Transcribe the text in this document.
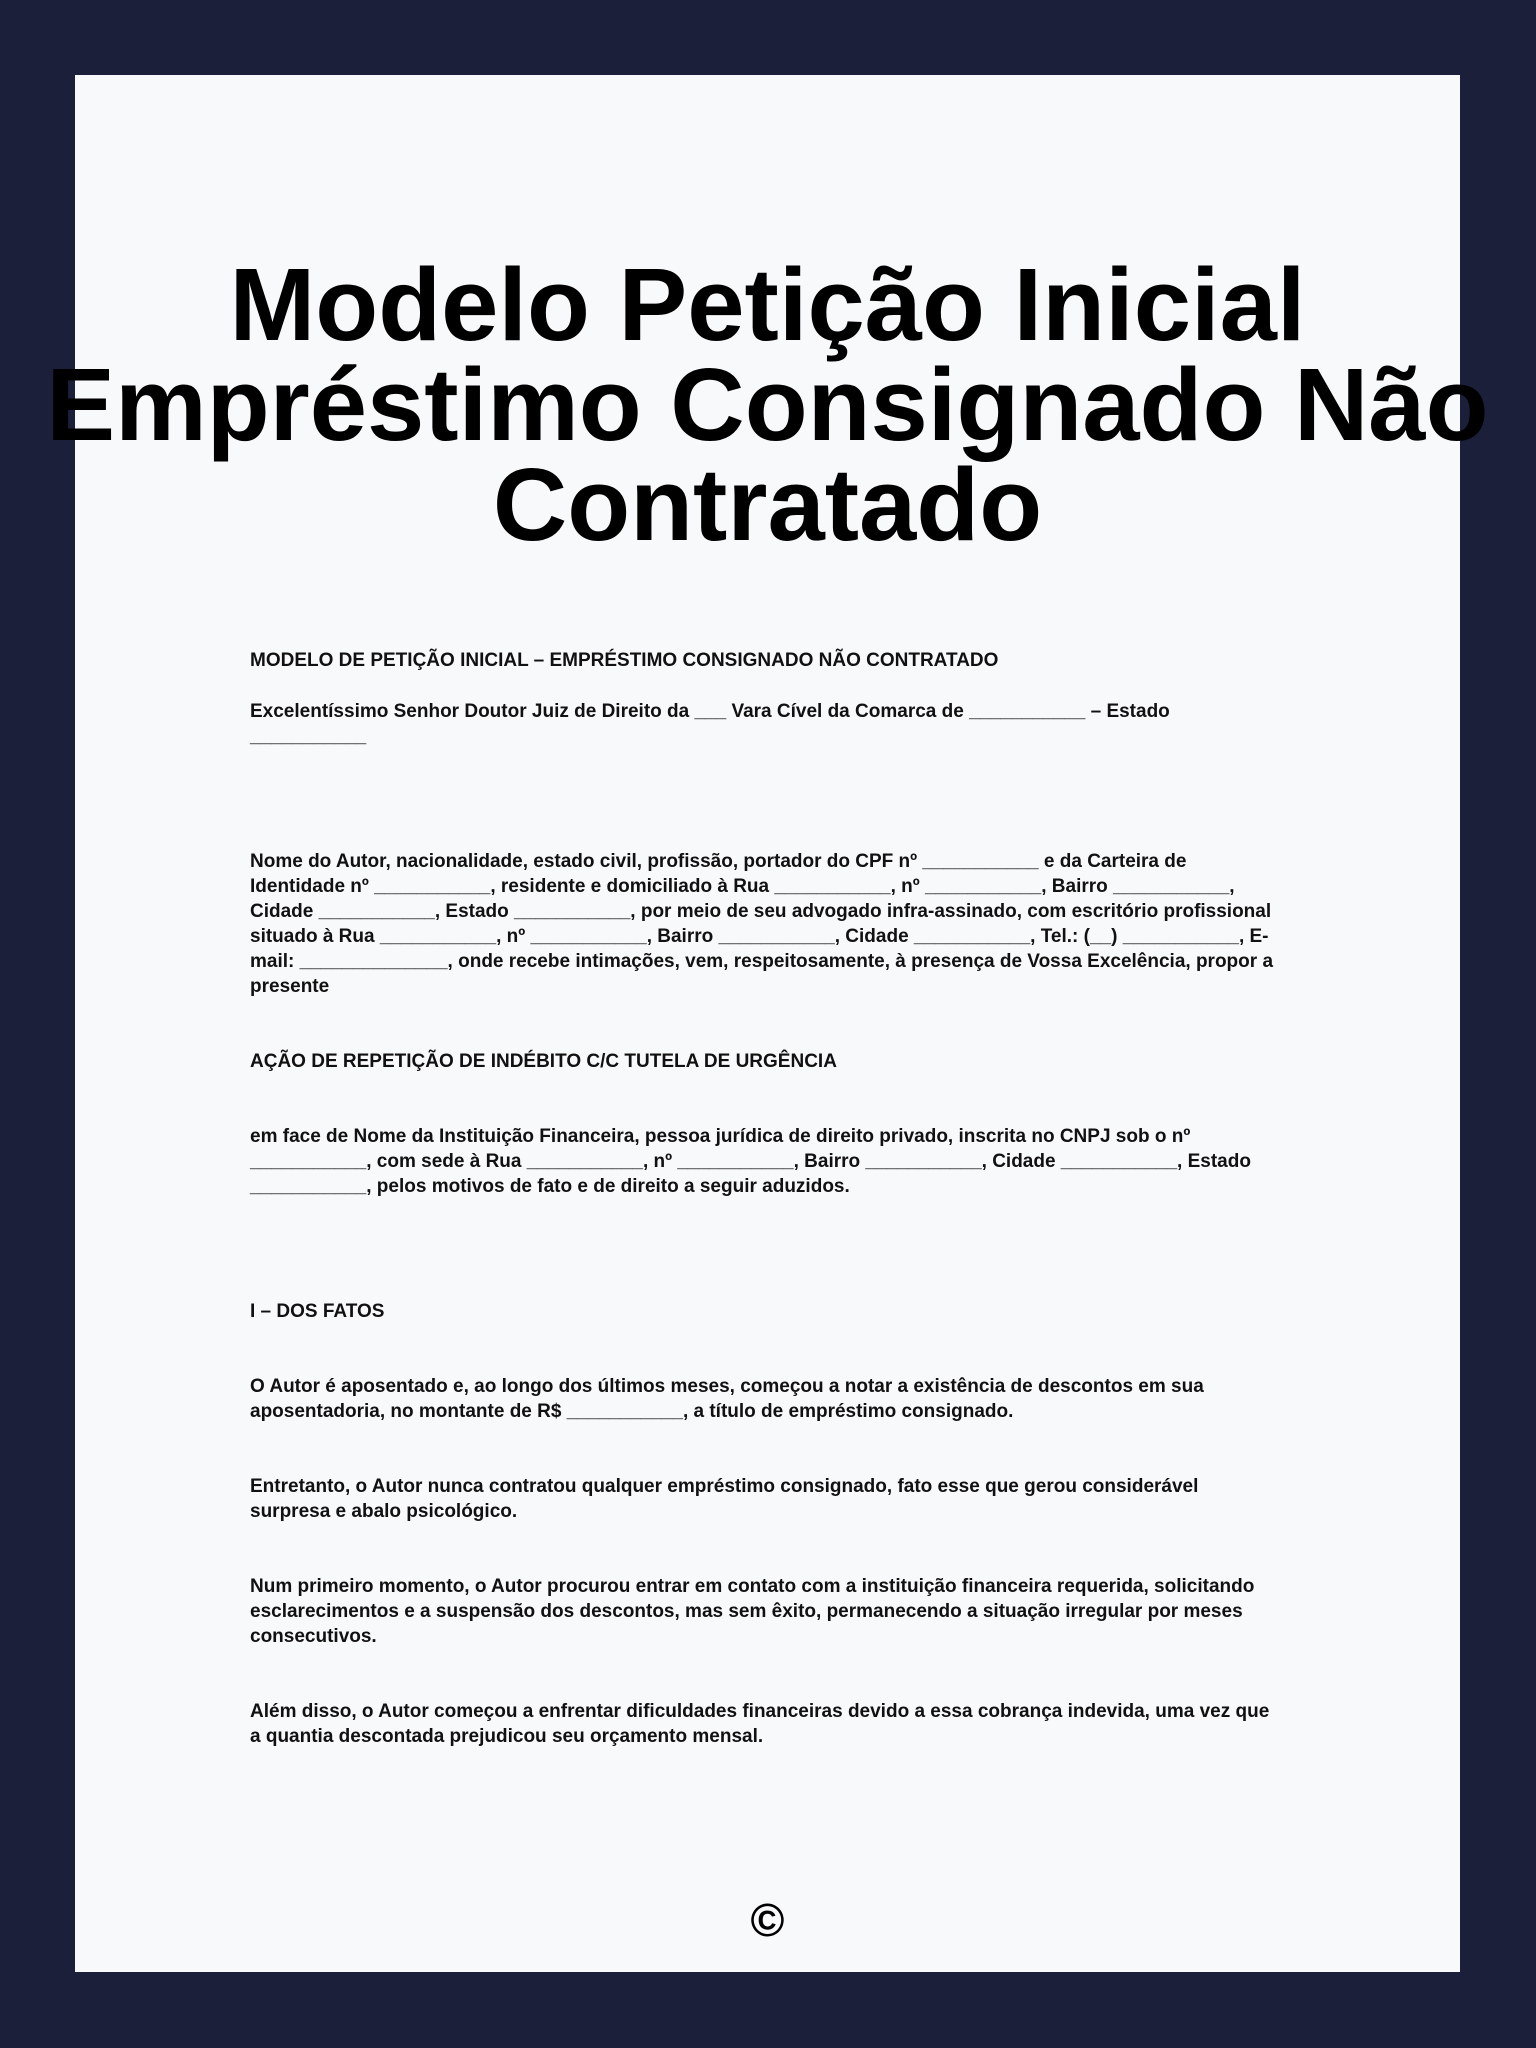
Modelo Petição Inicial
Empréstimo Consignado Não
Contratado

MODELO DE PETIÇÃO INICIAL – EMPRÉSTIMO CONSIGNADO NÃO CONTRATADO

Excelentíssimo Senhor Doutor Juiz de Direito da ___ Vara Cível da Comarca de ___________ – Estado ___________

Nome do Autor, nacionalidade, estado civil, profissão, portador do CPF nº ___________ e da Carteira de Identidade nº ___________, residente e domiciliado à Rua ___________, nº ___________, Bairro ___________, Cidade ___________, Estado ___________, por meio de seu advogado infra-assinado, com escritório profissional situado à Rua ___________, nº ___________, Bairro ___________, Cidade ___________, Tel.: (__) ___________, E-mail: ______________, onde recebe intimações, vem, respeitosamente, à presença de Vossa Excelência, propor a presente

AÇÃO DE REPETIÇÃO DE INDÉBITO C/C TUTELA DE URGÊNCIA

em face de Nome da Instituição Financeira, pessoa jurídica de direito privado, inscrita no CNPJ sob o nº ___________, com sede à Rua ___________, nº ___________, Bairro ___________, Cidade ___________, Estado ___________, pelos motivos de fato e de direito a seguir aduzidos.

I – DOS FATOS

O Autor é aposentado e, ao longo dos últimos meses, começou a notar a existência de descontos em sua aposentadoria, no montante de R$ ___________, a título de empréstimo consignado.

Entretanto, o Autor nunca contratou qualquer empréstimo consignado, fato esse que gerou considerável surpresa e abalo psicológico.

Num primeiro momento, o Autor procurou entrar em contato com a instituição financeira requerida, solicitando esclarecimentos e a suspensão dos descontos, mas sem êxito, permanecendo a situação irregular por meses consecutivos.

Além disso, o Autor começou a enfrentar dificuldades financeiras devido a essa cobrança indevida, uma vez que a quantia descontada prejudicou seu orçamento mensal.

©
